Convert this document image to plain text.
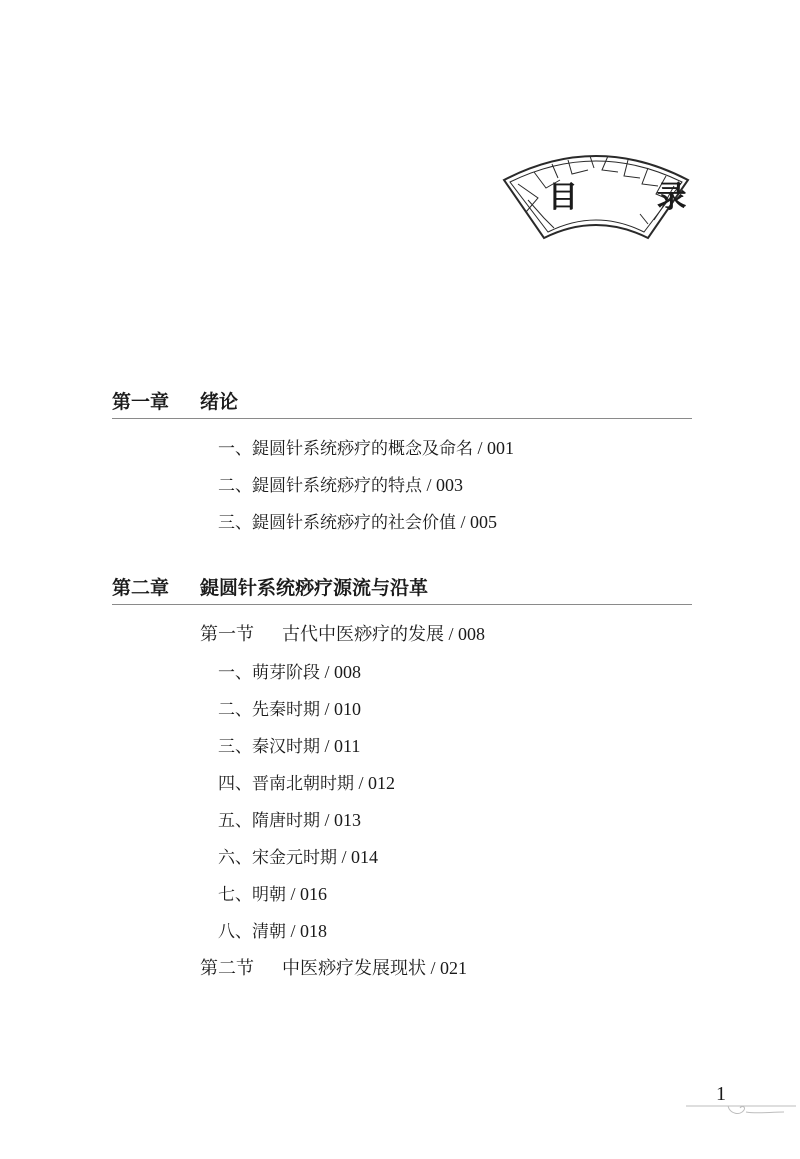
目 录
第一章 绪论
一、鍉圆针系统痧疗的概念及命名 / 001
二、鍉圆针系统痧疗的特点 / 003
三、鍉圆针系统痧疗的社会价值 / 005
第二章 鍉圆针系统痧疗源流与沿革
第一节 古代中医痧疗的发展 / 008
一、萌芽阶段 / 008
二、先秦时期 / 010
三、秦汉时期 / 011
四、晋南北朝时期 / 012
五、隋唐时期 / 013
六、宋金元时期 / 014
七、明朝 / 016
八、清朝 / 018
第二节 中医痧疗发展现状 / 021
1
